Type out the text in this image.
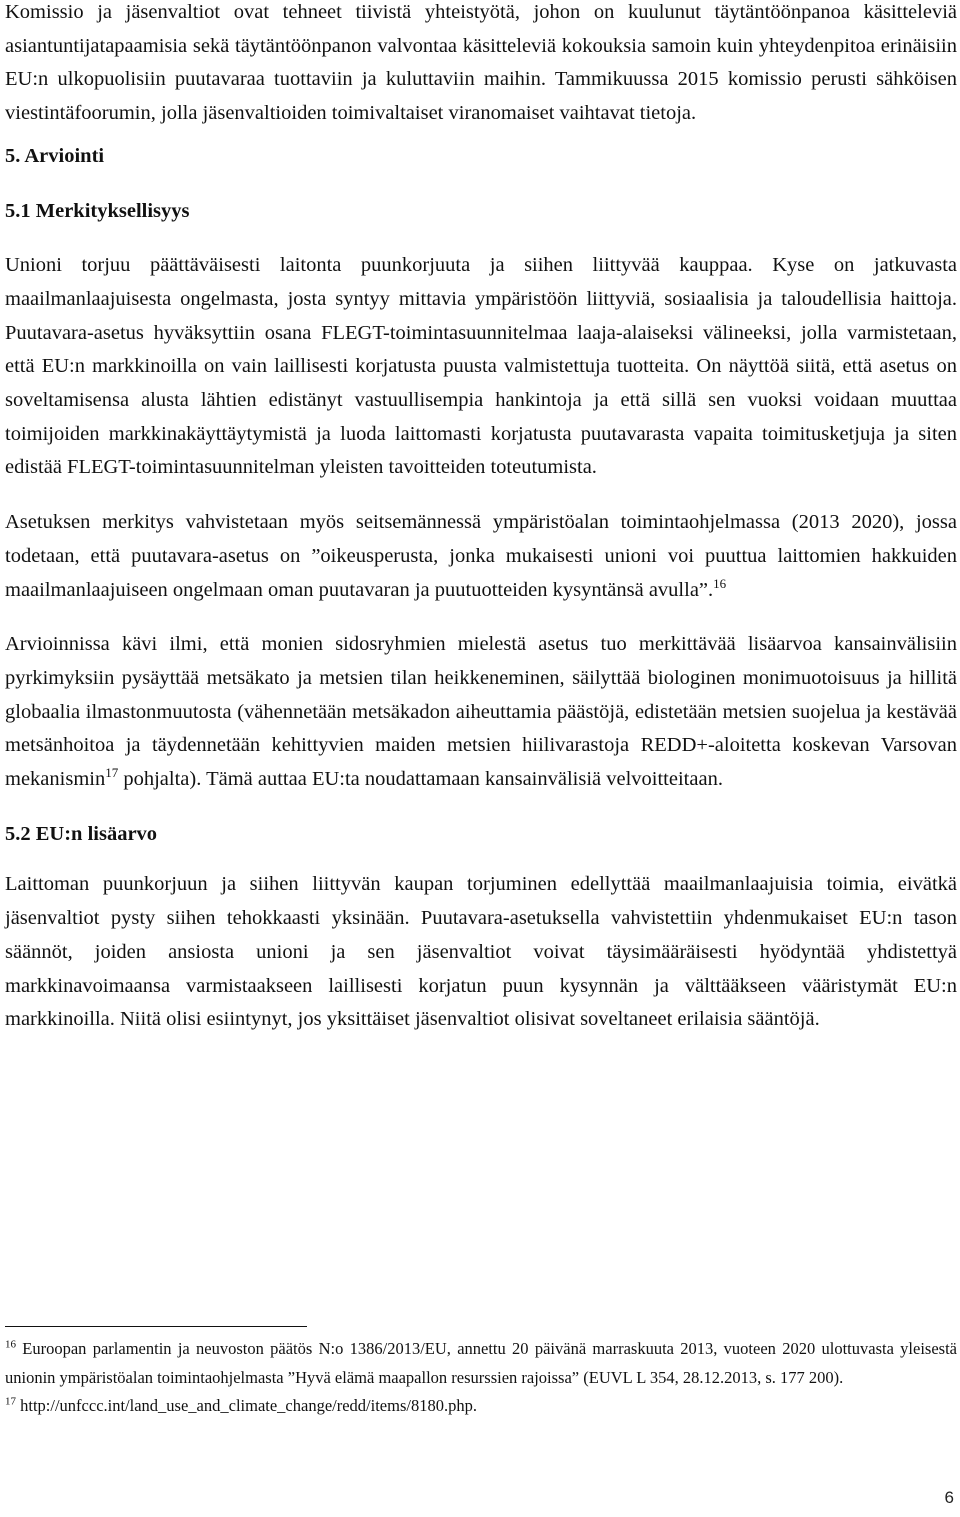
Komissio ja jäsenvaltiot ovat tehneet tiivistä yhteistyötä, johon on kuulunut täytäntöönpanoa käsitteleviä asiantuntijatapaamisia sekä täytäntöönpanon valvontaa käsitteleviä kokouksia samoin kuin yhteydenpitoa erinäisiin EU:n ulkopuolisiin puutavaraa tuottaviin ja kuluttaviin maihin. Tammikuussa 2015 komissio perusti sähköisen viestintäfoorumin, jolla jäsenvaltioiden toimivaltaiset viranomaiset vaihtavat tietoja.

5. Arviointi

5.1 Merkityksellisyys

Unioni torjuu päättäväisesti laitonta puunkorjuuta ja siihen liittyvää kauppaa. Kyse on jatkuvasta maailmanlaajuisesta ongelmasta, josta syntyy mittavia ympäristöön liittyviä, sosiaalisia ja taloudellisia haittoja. Puutavara-asetus hyväksyttiin osana FLEGT-toimintasuunnitelmaa laaja-alaiseksi välineeksi, jolla varmistetaan, että EU:n markkinoilla on vain laillisesti korjatusta puusta valmistettuja tuotteita. On näyttöä siitä, että asetus on soveltamisensa alusta lähtien edistänyt vastuullisempia hankintoja ja että sillä sen vuoksi voidaan muuttaa toimijoiden markkinakäyttäytymistä ja luoda laittomasti korjatusta puutavarasta vapaita toimitusketjuja ja siten edistää FLEGT-toimintasuunnitelman yleisten tavoitteiden toteutumista.

Asetuksen merkitys vahvistetaan myös seitsemännessä ympäristöalan toimintaohjelmassa (2013 2020), jossa todetaan, että puutavara-asetus on ”oikeusperusta, jonka mukaisesti unioni voi puuttua laittomien hakkuiden maailmanlaajuiseen ongelmaan oman puutavaran ja puutuotteiden kysyntänsä avulla”.$^{16}$

Arvioinnissa kävi ilmi, että monien sidosryhmien mielestä asetus tuo merkittävää lisäarvoa kansainvälisiin pyrkimyksiin pysäyttää metsäkato ja metsien tilan heikkeneminen, säilyttää biologinen monimuotoisuus ja hillitä globaalia ilmastonmuutosta (vähennetään metsäkadon aiheuttamia päästöjä, edistetään metsien suojelua ja kestävää metsänhoitoa ja täydennetään kehittyvien maiden metsien hiilivarastoja REDD+-aloitetta koskevan Varsovan mekanismin$^{17}$ pohjalta). Tämä auttaa EU:ta noudattamaan kansainvälisiä velvoitteitaan.

5.2 EU:n lisäarvo

Laittoman puunkorjuun ja siihen liittyvän kaupan torjuminen edellyttää maailmanlaajuisia toimia, eivätkä jäsenvaltiot pysty siihen tehokkaasti yksinään. Puutavara-asetuksella vahvistettiin yhdenmukaiset EU:n tason säännöt, joiden ansiosta unioni ja sen jäsenvaltiot voivat täysimääräisesti hyödyntää yhdistettyä markkinavoimaansa varmistaakseen laillisesti korjatun puun kysynnän ja välttääkseen vääristymät EU:n markkinoilla. Niitä olisi esiintynyt, jos yksittäiset jäsenvaltiot olisivat soveltaneet erilaisia sääntöjä.

$^{16}$ Euroopan parlamentin ja neuvoston päätös N:o 1386/2013/EU, annettu 20 päivänä marraskuuta 2013, vuoteen 2020 ulottuvasta yleisestä unionin ympäristöalan toimintaohjelmasta ”Hyvä elämä maapallon resurssien rajoissa” (EUVL L 354, 28.12.2013, s. 177 200).

$^{17}$ http://unfccc.int/land_use_and_climate_change/redd/items/8180.php.

6
